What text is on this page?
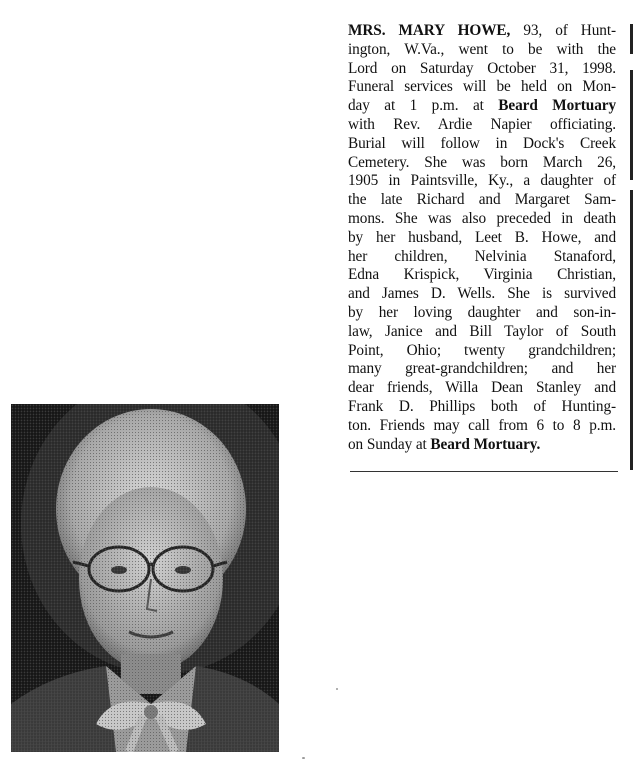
MRS. MARY HOWE, 93, of Hunt-
ington, W.Va., went to be with the
Lord on Saturday October 31, 1998.
Funeral services will be held on Mon-
day at 1 p.m. at Beard Mortuary
with Rev. Ardie Napier officiating.
Burial will follow in Dock's Creek
Cemetery. She was born March 26,
1905 in Paintsville, Ky., a daughter of
the late Richard and Margaret Sam-
mons. She was also preceded in death
by her husband, Leet B. Howe, and
her children, Nelvinia Stanaford,
Edna Krispick, Virginia Christian,
and James D. Wells. She is survived
by her loving daughter and son-in-
law, Janice and Bill Taylor of South
Point, Ohio; twenty grandchildren;
many great-grandchildren; and her
dear friends, Willa Dean Stanley and
Frank D. Phillips both of Hunting-
ton. Friends may call from 6 to 8 p.m.
on Sunday at Beard Mortuary.
